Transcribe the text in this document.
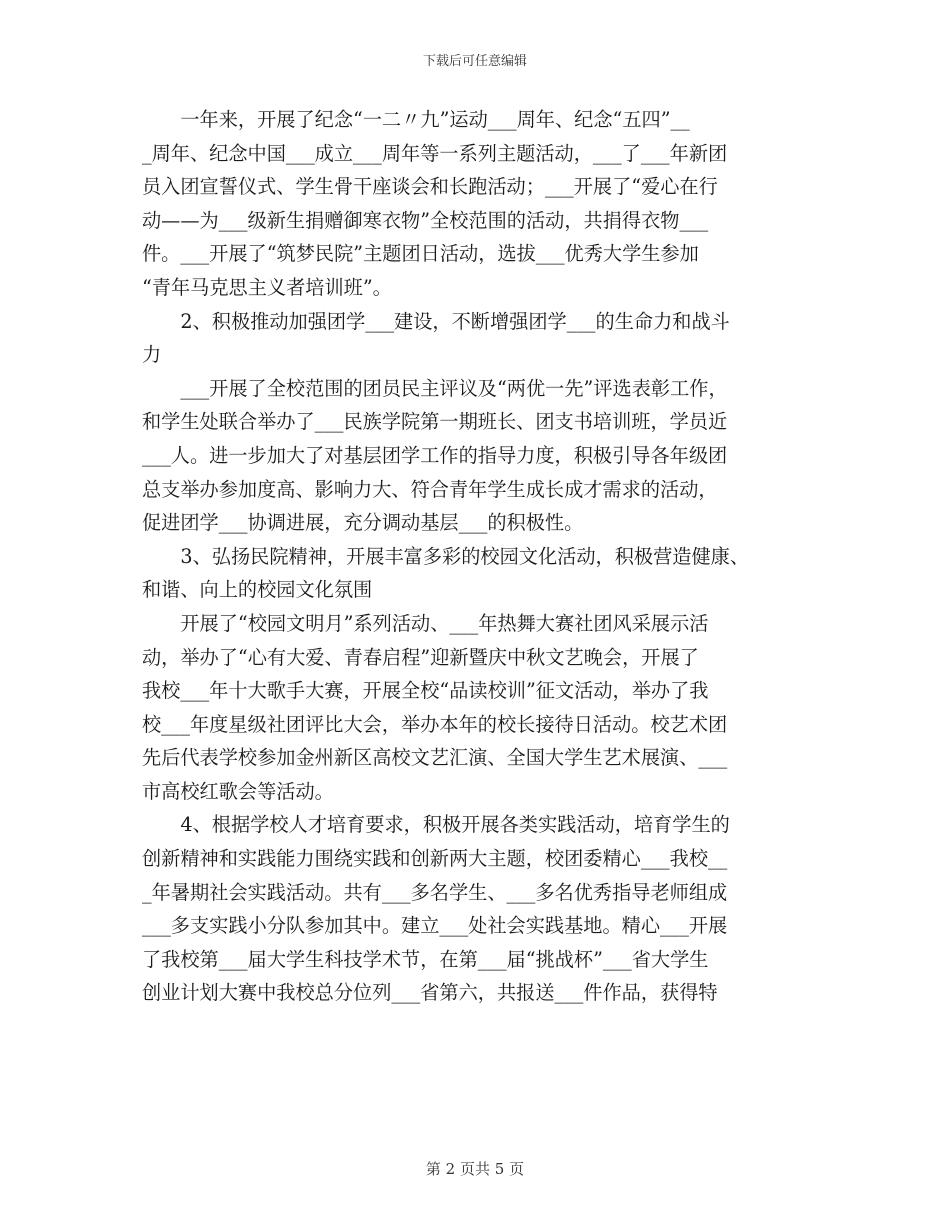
下载后可任意编辑
　　一年来，开展了纪念“一二〃九”运动___周年、纪念“五四”__
_周年、纪念中国___成立___周年等一系列主题活动，___了___年新团
员入团宣誓仪式、学生骨干座谈会和长跑活动；___开展了“爱心在行
动——为___级新生捐赠御寒衣物”全校范围的活动，共捐得衣物___
件。___开展了“筑梦民院”主题团日活动，选拔___优秀大学生参加
“青年马克思主义者培训班”。
　　2、积极推动加强团学___建设，不断增强团学___的生命力和战斗
力
　　___开展了全校范围的团员民主评议及“两优一先”评选表彰工作，
和学生处联合举办了___民族学院第一期班长、团支书培训班，学员近
___人。进一步加大了对基层团学工作的指导力度，积极引导各年级团
总支举办参加度高、影响力大、符合青年学生成长成才需求的活动，
促进团学___协调进展，充分调动基层___的积极性。
　　3、弘扬民院精神，开展丰富多彩的校园文化活动，积极营造健康、
和谐、向上的校园文化氛围
　　开展了“校园文明月”系列活动、___年热舞大赛社团风采展示活
动，举办了“心有大爱、青春启程”迎新暨庆中秋文艺晚会，开展了
我校___年十大歌手大赛，开展全校“品读校训”征文活动，举办了我
校___年度星级社团评比大会，举办本年的校长接待日活动。校艺术团
先后代表学校参加金州新区高校文艺汇演、全国大学生艺术展演、___
市高校红歌会等活动。
　　4、根据学校人才培育要求，积极开展各类实践活动，培育学生的
创新精神和实践能力围绕实践和创新两大主题，校团委精心___我校__
_年暑期社会实践活动。共有___多名学生、___多名优秀指导老师组成
___多支实践小分队参加其中。建立___处社会实践基地。精心___开展
了我校第___届大学生科技学术节，在第___届“挑战杯”___省大学生
创业计划大赛中我校总分位列___省第六，共报送___件作品，获得特
第 2 页共 5 页
